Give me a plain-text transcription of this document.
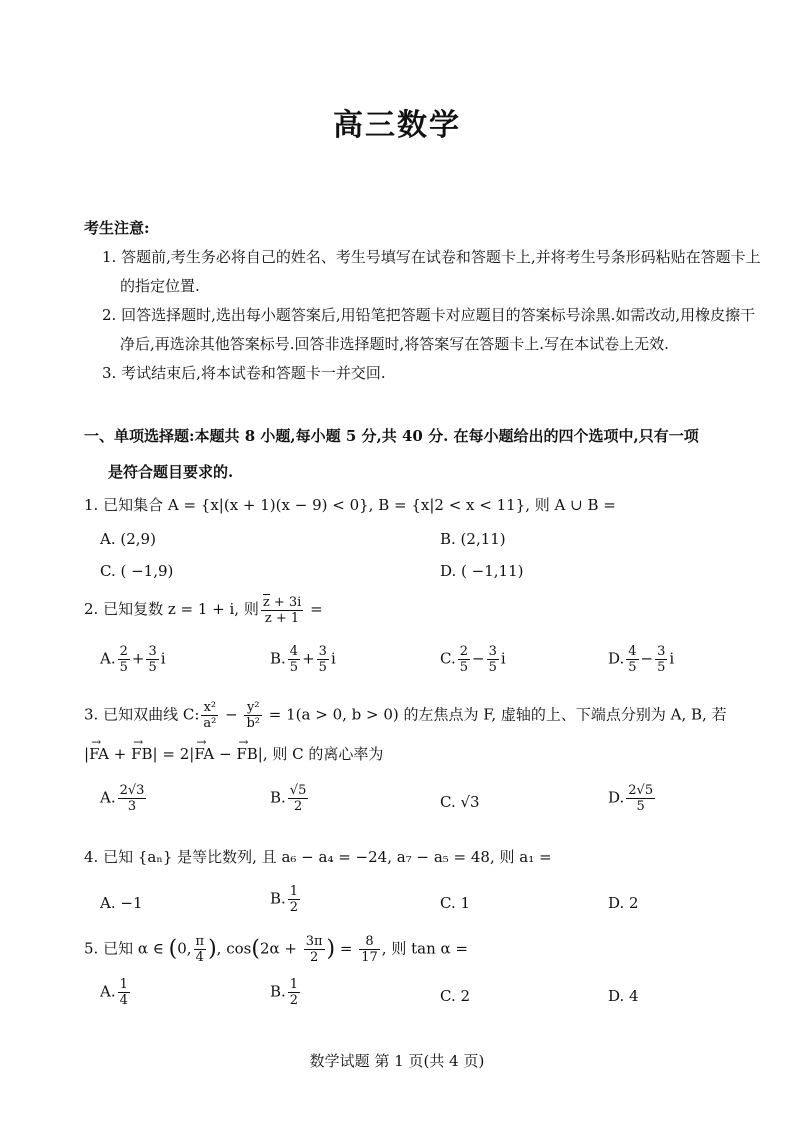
高三数学
考生注意:
1. 答题前,考生务必将自己的姓名、考生号填写在试卷和答题卡上,并将考生号条形码粘贴在答题卡上的指定位置.
2. 回答选择题时,选出每小题答案后,用铅笔把答题卡对应题目的答案标号涂黑.如需改动,用橡皮擦干净后,再选涂其他答案标号.回答非选择题时,将答案写在答题卡上.写在本试卷上无效.
3. 考试结束后,将本试卷和答题卡一并交回.
一、单项选择题:本题共 8 小题,每小题 5 分,共 40 分. 在每小题给出的四个选项中,只有一项
是符合题目要求的.
1. 已知集合 A = {x|(x + 1)(x − 9) < 0}, B = {x|2 < x < 11}, 则 A ∪ B =
A. (2,9)	B. (2,11)
C. ( −1,9)	D. ( −1,11)
2. 已知复数 z = 1 + i, 则 $\frac{z + 3i}{z + 1}$ =
A. $\frac{2}{5} + \frac{3}{5}$ i	B. $\frac{4}{5} + \frac{3}{5}$ i	C. $\frac{2}{5} - \frac{3}{5}$ i	D. $\frac{4}{5} - \frac{3}{5}$ i
3. 已知双曲线 C: $\frac{\text{x²}}{\text{a²}} - \frac{\text{y²}}{\text{b²}} = 1(a > 0$, b > 0) 的左焦点为 F, 虚轴的上、下端点分别为 A, B, 若
|→ FA + → FB| = 2|→ FA − → FB|, 则 C 的离心率为
A. $\frac{2√3}{3}$	B. $\frac{√5}{2}$	C. √3	D. $\frac{2√5}{5}$
4. 已知 {aₙ} 是等比数列, 且 a₆ − a₄ = −24, a₇ − a₅ = 48, 则 a₁ =
A. −1	B. $\frac{1}{2}$	C. 1	D. 2
5. 已知 α ∈ (0, $\frac{\pi}{4}$ ), $\cos(2\alpha + \frac{3\pi}{2}$ ) = $\frac{8}{17}$ , 则 tan α =
A. $\frac{1}{4}$	B. $\frac{1}{2}$	C. 2	D. 4
数学试题 第 1 页(共 4 页)
